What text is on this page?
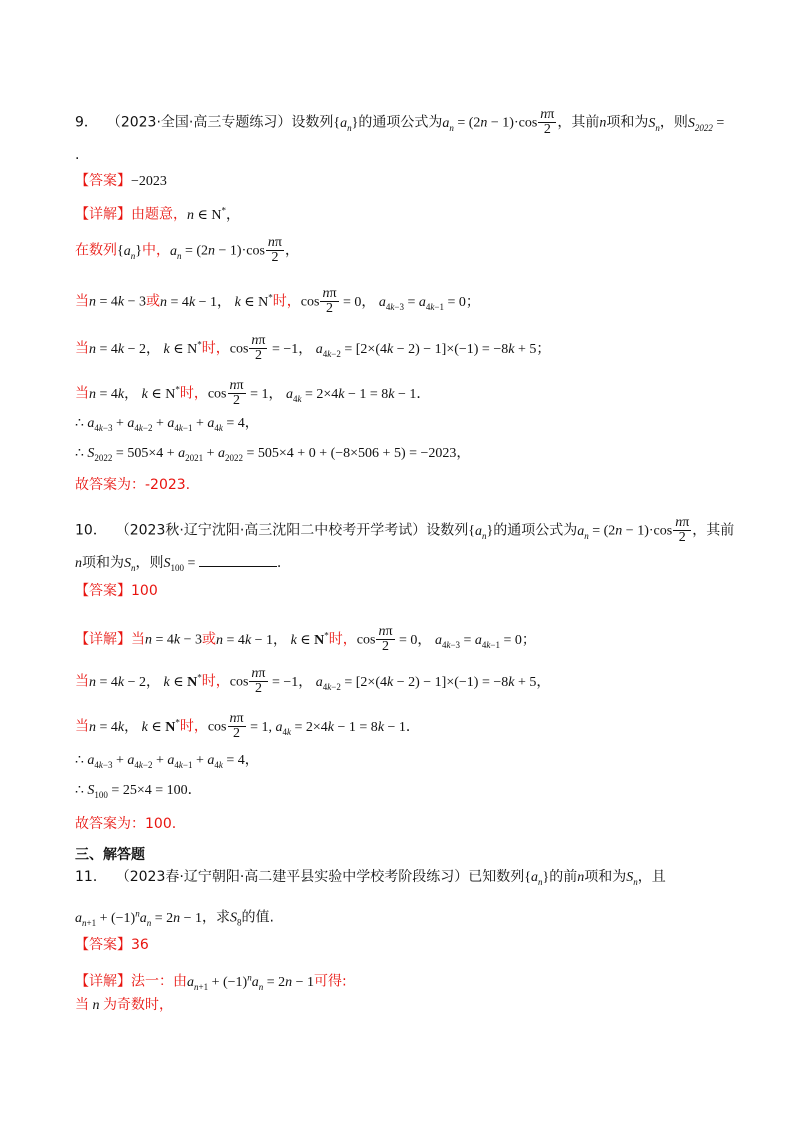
9． （2023·全国·高三专题练习）设数列$\{a_n\}$的通项公式为$a_n = (2n - 1)\cdot\cos \frac{n\pi}{2}$ ，其前n项和为$S_n$，则$S_{2022}$ =
.
【答案】−2023
【详解】由题意，n ∈ N*，
在数列$\{a_n\}$中，$a_n = (2n - 1)\cdot\cos \frac{n\pi}{2}$ ，
当n = 4k − 3或n = 4k − 1， k ∈ N*时，$\cos \frac{n\pi}{2} = 0$， $a_{4k-3} = a_{4k-1} = 0$；
当n = 4k − 2， k ∈ N*时，$\cos \frac{n\pi}{2} = -1$， $a_{4k-2} = [2\times(4k - 2) - 1]\times(-1) = -8k + 5$；
当n = 4k， k ∈ N*时，$\cos \frac{n\pi}{2} = 1$， $a_{4k} = 2\times 4k - 1 = 8k - 1$．
∴ $a_{4k-3} + a_{4k-2} + a_{4k-1} + a_{4k} = 4$，
∴ $S_{2022} = 505\times 4 + a_{2021} + a_{2022} = 505\times 4 + 0 + (-8\times 506 + 5) = -2023$，
故答案为：-2023.
10． （2023秋·辽宁沈阳·高三沈阳二中校考开学考试）设数列$\{a_n\}$的通项公式为$a_n = (2n - 1)\cdot\cos \frac{n\pi}{2}$ ，其前
n项和为$S_n$，则$S_{100}$ =	.
【答案】100
【详解】当n = 4k − 3或n = 4k − 1， k ∈ N*时，$\cos \frac{n\pi}{2} = 0$， $a_{4k-3} = a_{4k-1} = 0$；
当n = 4k − 2， k ∈ N*时，$\cos \frac{n\pi}{2} = -1$， $a_{4k-2} = [2\times(4k - 2) - 1]\times(-1) = -8k + 5$，
当n = 4k， k ∈ N*时，$\cos \frac{n\pi}{2} = 1$, $a_{4k} = 2\times 4k - 1 = 8k - 1$．
∴ $a_{4k-3} + a_{4k-2} + a_{4k-1} + a_{4k} = 4$，
∴ $S_{100} = 25\times 4 = 100$．
故答案为：100.
三、解答题
11． （2023春·辽宁朝阳·高二建平县实验中学校考阶段练习）已知数列$\{a_n\}$的前n项和为$S_n$，且
$a_{n+1} + (-1)^na_n = 2n - 1$，求$S_8$的值.
【答案】36
【详解】法一：由$a_{n+1} + (-1)^na_n = 2n - 1$可得:
当 n 为奇数时，
